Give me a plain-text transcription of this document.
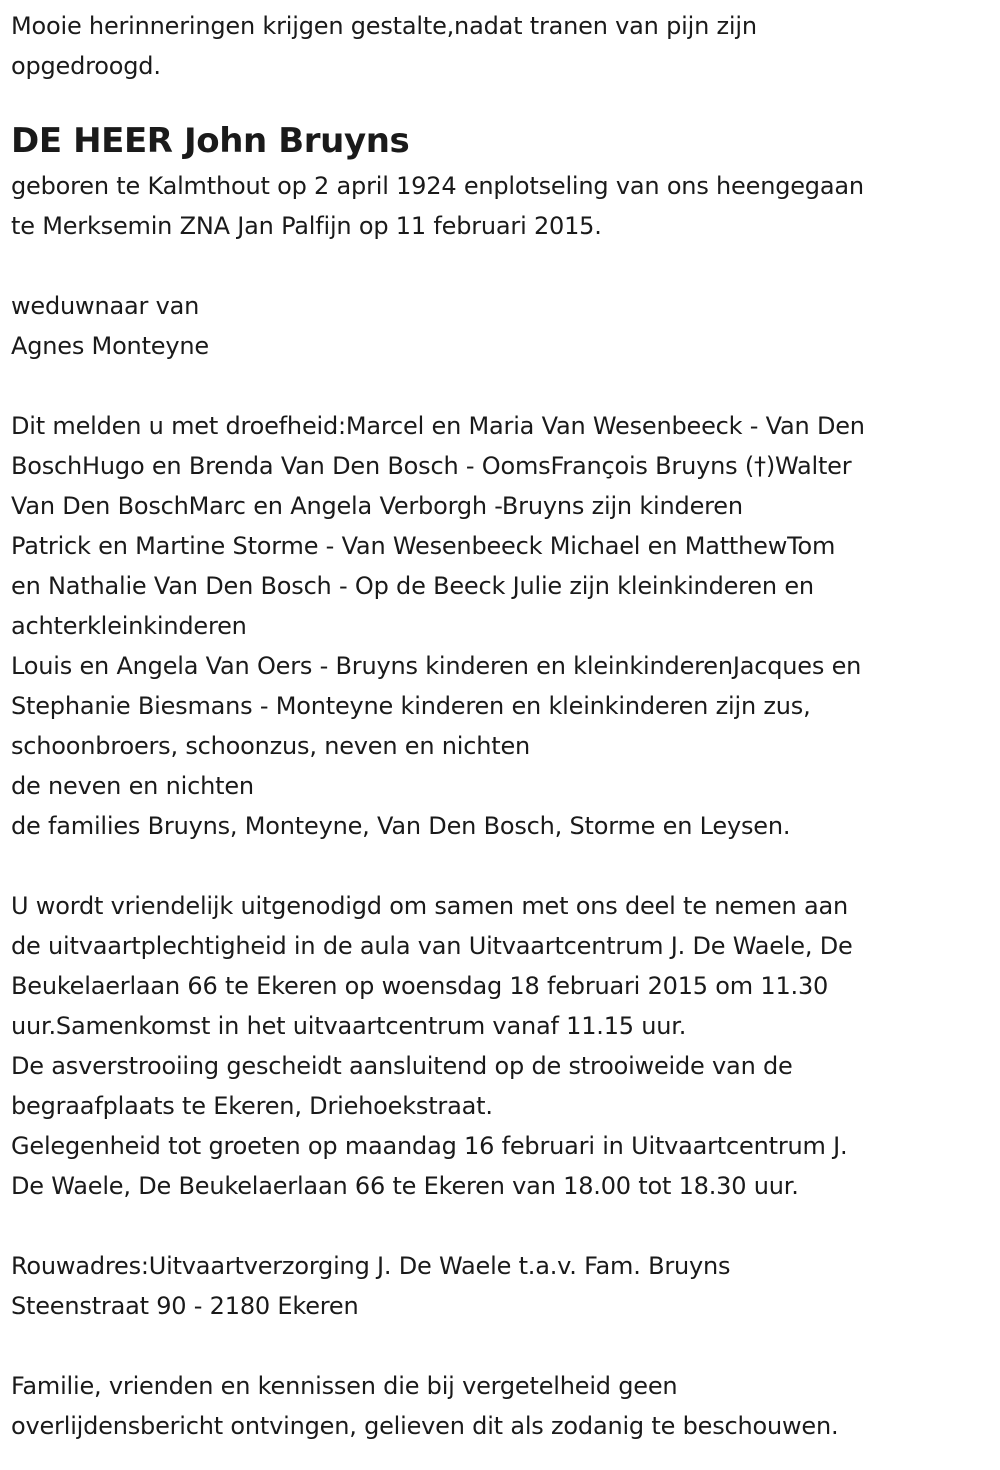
Mooie herinneringen krijgen gestalte,nadat tranen van pijn zijn
opgedroogd.
DE HEER John Bruyns
geboren te Kalmthout op 2 april 1924 enplotseling van ons heengegaan
te Merksemin ZNA Jan Palfijn op 11 februari 2015.
weduwnaar van
Agnes Monteyne
Dit melden u met droefheid:Marcel en Maria Van Wesenbeeck - Van Den
BoschHugo en Brenda Van Den Bosch - OomsFrançois Bruyns (†)Walter
Van Den BoschMarc en Angela Verborgh -Bruyns zijn kinderen
Patrick en Martine Storme - Van Wesenbeeck Michael en MatthewTom
en Nathalie Van Den Bosch - Op de Beeck Julie zijn kleinkinderen en
achterkleinkinderen
Louis en Angela Van Oers - Bruyns kinderen en kleinkinderenJacques en
Stephanie Biesmans - Monteyne kinderen en kleinkinderen zijn zus,
schoonbroers, schoonzus, neven en nichten
de neven en nichten
de families Bruyns, Monteyne, Van Den Bosch, Storme en Leysen.
U wordt vriendelijk uitgenodigd om samen met ons deel te nemen aan
de uitvaartplechtigheid in de aula van Uitvaartcentrum J. De Waele, De
Beukelaerlaan 66 te Ekeren op woensdag 18 februari 2015 om 11.30
uur.Samenkomst in het uitvaartcentrum vanaf 11.15 uur.
De asverstrooiing gescheidt aansluitend op de strooiweide van de
begraafplaats te Ekeren, Driehoekstraat.
Gelegenheid tot groeten op maandag 16 februari in Uitvaartcentrum J.
De Waele, De Beukelaerlaan 66 te Ekeren van 18.00 tot 18.30 uur.
Rouwadres:Uitvaartverzorging J. De Waele t.a.v. Fam. Bruyns
Steenstraat 90 - 2180 Ekeren
Familie, vrienden en kennissen die bij vergetelheid geen
overlijdensbericht ontvingen, gelieven dit als zodanig te beschouwen.
